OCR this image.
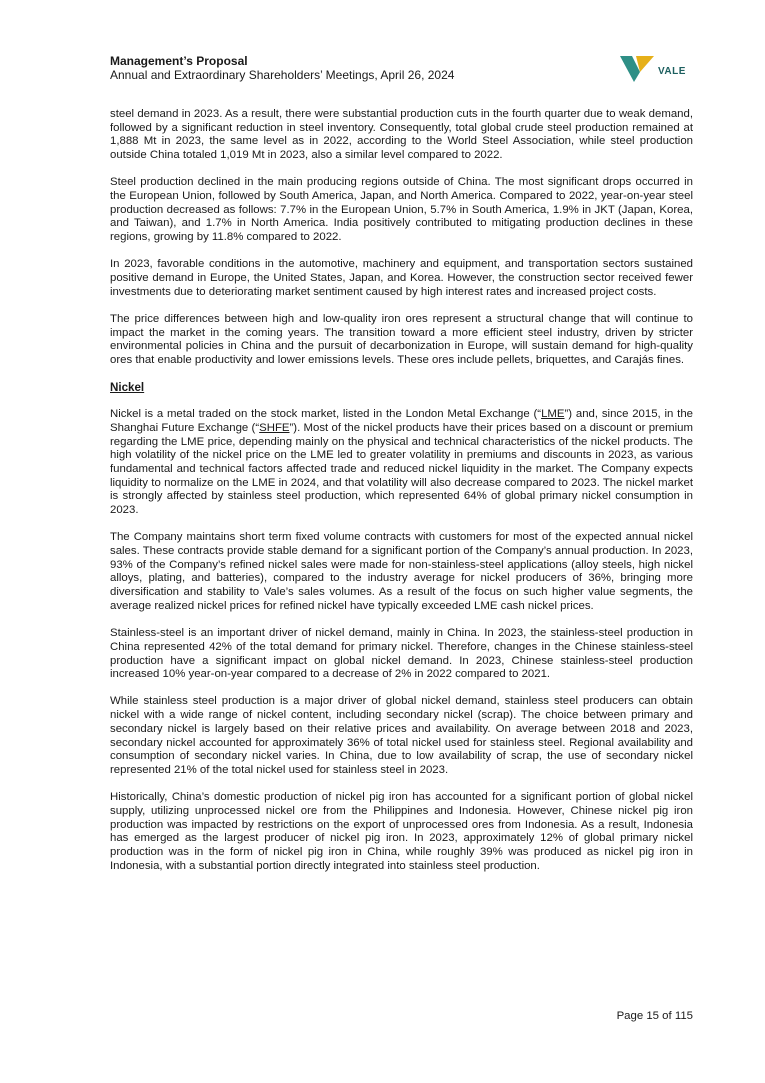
Management’s Proposal
Annual and Extraordinary Shareholders’ Meetings, April 26, 2024	VALE

steel demand in 2023. As a result, there were substantial production cuts in the fourth quarter due to weak demand, followed by a significant reduction in steel inventory. Consequently, total global crude steel production remained at 1,888 Mt in 2023, the same level as in 2022, according to the World Steel Association, while steel production outside China totaled 1,019 Mt in 2023, also a similar level compared to 2022.

Steel production declined in the main producing regions outside of China. The most significant drops occurred in the European Union, followed by South America, Japan, and North America. Compared to 2022, year-on-year steel production decreased as follows: 7.7% in the European Union, 5.7% in South America, 1.9% in JKT (Japan, Korea, and Taiwan), and 1.7% in North America. India positively contributed to mitigating production declines in these regions, growing by 11.8% compared to 2022.

In 2023, favorable conditions in the automotive, machinery and equipment, and transportation sectors sustained positive demand in Europe, the United States, Japan, and Korea. However, the construction sector received fewer investments due to deteriorating market sentiment caused by high interest rates and increased project costs.

The price differences between high and low-quality iron ores represent a structural change that will continue to impact the market in the coming years. The transition toward a more efficient steel industry, driven by stricter environmental policies in China and the pursuit of decarbonization in Europe, will sustain demand for high-quality ores that enable productivity and lower emissions levels. These ores include pellets, briquettes, and Carajás fines.

Nickel

Nickel is a metal traded on the stock market, listed in the London Metal Exchange (“LME”) and, since 2015, in the Shanghai Future Exchange (“SHFE”). Most of the nickel products have their prices based on a discount or premium regarding the LME price, depending mainly on the physical and technical characteristics of the nickel products. The high volatility of the nickel price on the LME led to greater volatility in premiums and discounts in 2023, as various fundamental and technical factors affected trade and reduced nickel liquidity in the market. The Company expects liquidity to normalize on the LME in 2024, and that volatility will also decrease compared to 2023. The nickel market is strongly affected by stainless steel production, which represented 64% of global primary nickel consumption in 2023.

The Company maintains short term fixed volume contracts with customers for most of the expected annual nickel sales. These contracts provide stable demand for a significant portion of the Company’s annual production. In 2023, 93% of the Company’s refined nickel sales were made for non-stainless-steel applications (alloy steels, high nickel alloys, plating, and batteries), compared to the industry average for nickel producers of 36%, bringing more diversification and stability to Vale’s sales volumes. As a result of the focus on such higher value segments, the average realized nickel prices for refined nickel have typically exceeded LME cash nickel prices.

Stainless-steel is an important driver of nickel demand, mainly in China. In 2023, the stainless-steel production in China represented 42% of the total demand for primary nickel. Therefore, changes in the Chinese stainless-steel production have a significant impact on global nickel demand. In 2023, Chinese stainless-steel production increased 10% year-on-year compared to a decrease of 2% in 2022 compared to 2021.

While stainless steel production is a major driver of global nickel demand, stainless steel producers can obtain nickel with a wide range of nickel content, including secondary nickel (scrap). The choice between primary and secondary nickel is largely based on their relative prices and availability. On average between 2018 and 2023, secondary nickel accounted for approximately 36% of total nickel used for stainless steel. Regional availability and consumption of secondary nickel varies. In China, due to low availability of scrap, the use of secondary nickel represented 21% of the total nickel used for stainless steel in 2023.

Historically, China’s domestic production of nickel pig iron has accounted for a significant portion of global nickel supply, utilizing unprocessed nickel ore from the Philippines and Indonesia. However, Chinese nickel pig iron production was impacted by restrictions on the export of unprocessed ores from Indonesia. As a result, Indonesia has emerged as the largest producer of nickel pig iron. In 2023, approximately 12% of global primary nickel production was in the form of nickel pig iron in China, while roughly 39% was produced as nickel pig iron in Indonesia, with a substantial portion directly integrated into stainless steel production.

Page 15 of 115
